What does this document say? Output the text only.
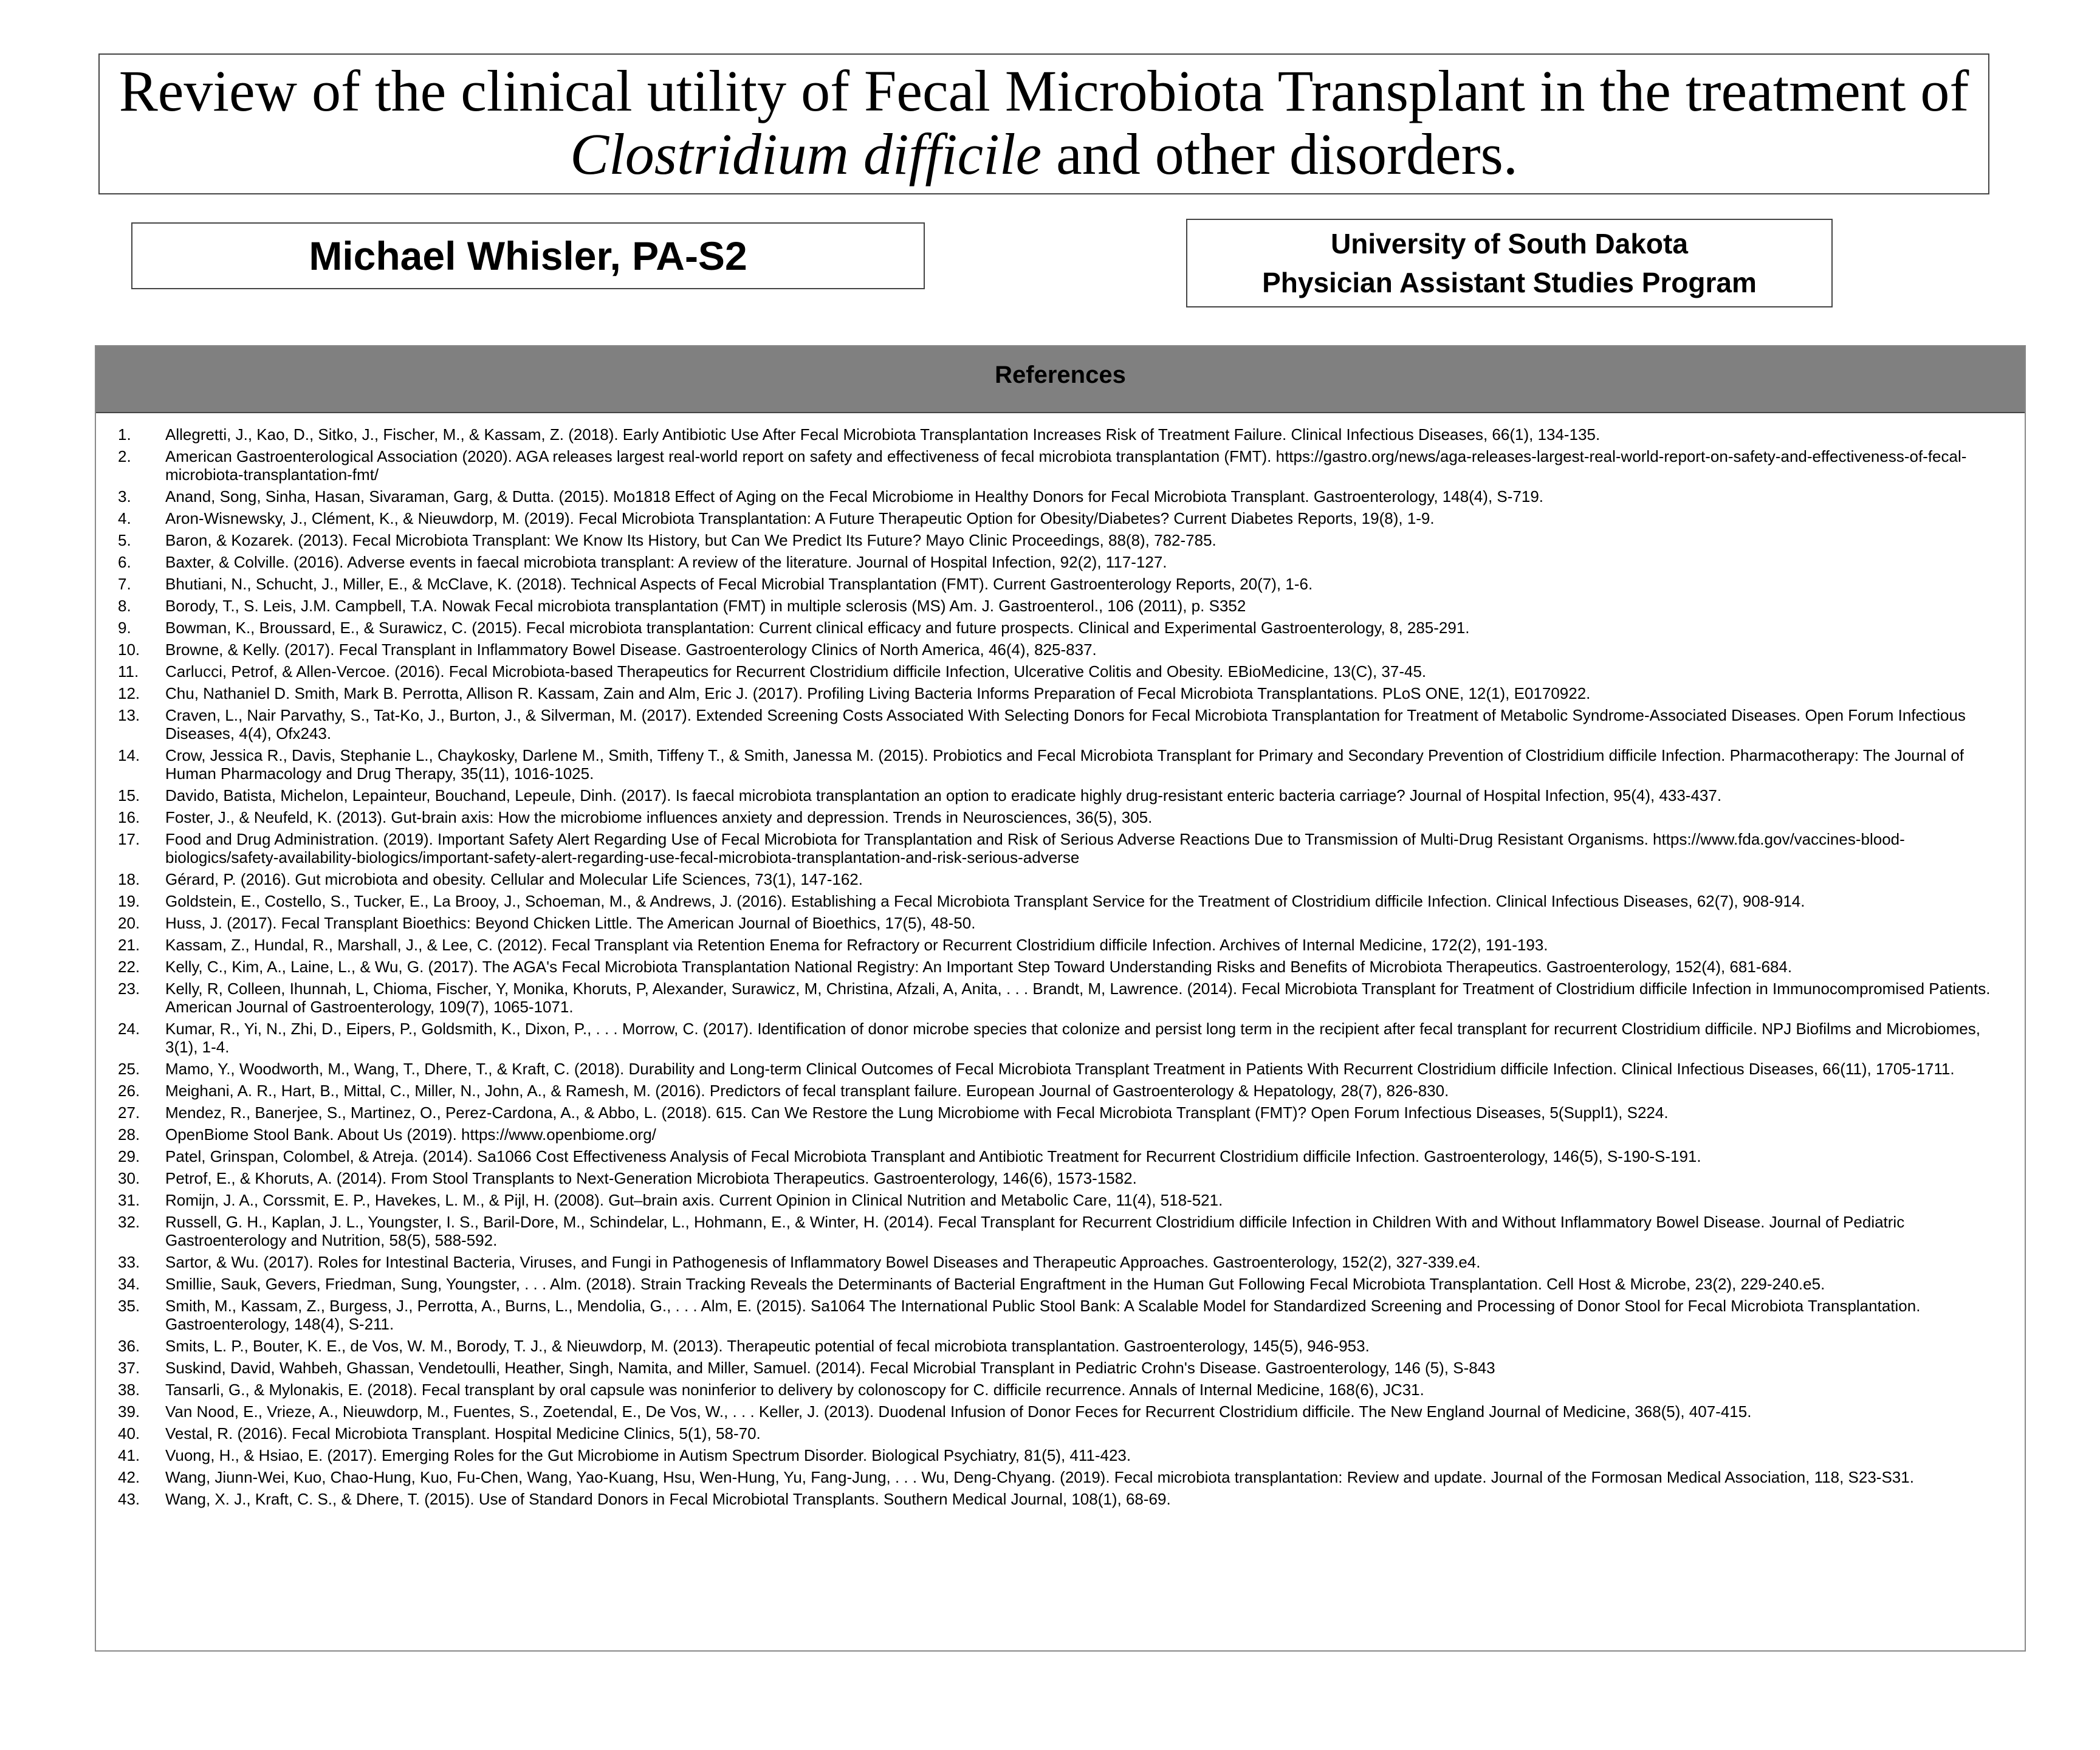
Review of the clinical utility of Fecal Microbiota Transplant in the treatment of
Clostridium difficile and other disorders.
Michael Whisler, PA-S2	University of South Dakota
Physician Assistant Studies Program
References
1.	Allegretti, J., Kao, D., Sitko, J., Fischer, M., & Kassam, Z. (2018). Early Antibiotic Use After Fecal Microbiota Transplantation Increases Risk of Treatment Failure. Clinical Infectious Diseases, 66(1), 134-135.
2.	American Gastroenterological Association (2020). AGA releases largest real-world report on safety and effectiveness of fecal microbiota transplantation (FMT). https://gastro.org/news/aga-releases-largest-real-world-report-on-safety-and-effectiveness-of-fecal-microbiota-transplantation-fmt/
3.	Anand, Song, Sinha, Hasan, Sivaraman, Garg, & Dutta. (2015). Mo1818 Effect of Aging on the Fecal Microbiome in Healthy Donors for Fecal Microbiota Transplant. Gastroenterology, 148(4), S-719.
4.	Aron-Wisnewsky, J., Clément, K., & Nieuwdorp, M. (2019). Fecal Microbiota Transplantation: A Future Therapeutic Option for Obesity/Diabetes? Current Diabetes Reports, 19(8), 1-9.
5.	Baron, & Kozarek. (2013). Fecal Microbiota Transplant: We Know Its History, but Can We Predict Its Future? Mayo Clinic Proceedings, 88(8), 782-785.
6.	Baxter, & Colville. (2016). Adverse events in faecal microbiota transplant: A review of the literature. Journal of Hospital Infection, 92(2), 117-127.
7.	Bhutiani, N., Schucht, J., Miller, E., & McClave, K. (2018). Technical Aspects of Fecal Microbial Transplantation (FMT). Current Gastroenterology Reports, 20(7), 1-6.
8.	Borody, T., S. Leis, J.M. Campbell, T.A. Nowak Fecal microbiota transplantation (FMT) in multiple sclerosis (MS) Am. J. Gastroenterol., 106 (2011), p. S352
9.	Bowman, K., Broussard, E., & Surawicz, C. (2015). Fecal microbiota transplantation: Current clinical efficacy and future prospects. Clinical and Experimental Gastroenterology, 8, 285-291.
10.	Browne, & Kelly. (2017). Fecal Transplant in Inflammatory Bowel Disease. Gastroenterology Clinics of North America, 46(4), 825-837.
11.	Carlucci, Petrof, & Allen-Vercoe. (2016). Fecal Microbiota-based Therapeutics for Recurrent Clostridium difficile Infection, Ulcerative Colitis and Obesity. EBioMedicine, 13(C), 37-45.
12.	Chu, Nathaniel D. Smith, Mark B. Perrotta, Allison R. Kassam, Zain and Alm, Eric J. (2017). Profiling Living Bacteria Informs Preparation of Fecal Microbiota Transplantations. PLoS ONE, 12(1), E0170922.
13.	Craven, L., Nair Parvathy, S., Tat-Ko, J., Burton, J., & Silverman, M. (2017). Extended Screening Costs Associated With Selecting Donors for Fecal Microbiota Transplantation for Treatment of Metabolic Syndrome-Associated Diseases. Open Forum Infectious Diseases, 4(4), Ofx243.
14.	Crow, Jessica R., Davis, Stephanie L., Chaykosky, Darlene M., Smith, Tiffeny T., & Smith, Janessa M. (2015). Probiotics and Fecal Microbiota Transplant for Primary and Secondary Prevention of Clostridium difficile Infection. Pharmacotherapy: The Journal of Human Pharmacology and Drug Therapy, 35(11), 1016-1025.
15.	Davido, Batista, Michelon, Lepainteur, Bouchand, Lepeule, Dinh. (2017). Is faecal microbiota transplantation an option to eradicate highly drug-resistant enteric bacteria carriage? Journal of Hospital Infection, 95(4), 433-437.
16.	Foster, J., & Neufeld, K. (2013). Gut-brain axis: How the microbiome influences anxiety and depression. Trends in Neurosciences, 36(5), 305.
17.	Food and Drug Administration. (2019). Important Safety Alert Regarding Use of Fecal Microbiota for Transplantation and Risk of Serious Adverse Reactions Due to Transmission of Multi-Drug Resistant Organisms. https://www.fda.gov/vaccines-blood-biologics/safety-availability-biologics/important-safety-alert-regarding-use-fecal-microbiota-transplantation-and-risk-serious-adverse
18.	Gérard, P. (2016). Gut microbiota and obesity. Cellular and Molecular Life Sciences, 73(1), 147-162.
19.	Goldstein, E., Costello, S., Tucker, E., La Brooy, J., Schoeman, M., & Andrews, J. (2016). Establishing a Fecal Microbiota Transplant Service for the Treatment of Clostridium difficile Infection. Clinical Infectious Diseases, 62(7), 908-914.
20.	Huss, J. (2017). Fecal Transplant Bioethics: Beyond Chicken Little. The American Journal of Bioethics, 17(5), 48-50.
21.	Kassam, Z., Hundal, R., Marshall, J., & Lee, C. (2012). Fecal Transplant via Retention Enema for Refractory or Recurrent Clostridium difficile Infection. Archives of Internal Medicine, 172(2), 191-193.
22.	Kelly, C., Kim, A., Laine, L., & Wu, G. (2017). The AGA's Fecal Microbiota Transplantation National Registry: An Important Step Toward Understanding Risks and Benefits of Microbiota Therapeutics. Gastroenterology, 152(4), 681-684.
23.	Kelly, R, Colleen, Ihunnah, L, Chioma, Fischer, Y, Monika, Khoruts, P, Alexander, Surawicz, M, Christina, Afzali, A, Anita, . . . Brandt, M, Lawrence. (2014). Fecal Microbiota Transplant for Treatment of Clostridium difficile Infection in Immunocompromised Patients. American Journal of Gastroenterology, 109(7), 1065-1071.
24.	Kumar, R., Yi, N., Zhi, D., Eipers, P., Goldsmith, K., Dixon, P., . . . Morrow, C. (2017). Identification of donor microbe species that colonize and persist long term in the recipient after fecal transplant for recurrent Clostridium difficile. NPJ Biofilms and Microbiomes, 3(1), 1-4.
25.	Mamo, Y., Woodworth, M., Wang, T., Dhere, T., & Kraft, C. (2018). Durability and Long-term Clinical Outcomes of Fecal Microbiota Transplant Treatment in Patients With Recurrent Clostridium difficile Infection. Clinical Infectious Diseases, 66(11), 1705-1711.
26.	Meighani, A. R., Hart, B., Mittal, C., Miller, N., John, A., & Ramesh, M. (2016). Predictors of fecal transplant failure. European Journal of Gastroenterology & Hepatology, 28(7), 826-830.
27.	Mendez, R., Banerjee, S., Martinez, O., Perez-Cardona, A., & Abbo, L. (2018). 615. Can We Restore the Lung Microbiome with Fecal Microbiota Transplant (FMT)? Open Forum Infectious Diseases, 5(Suppl1), S224.
28.	OpenBiome Stool Bank. About Us (2019). https://www.openbiome.org/
29.	Patel, Grinspan, Colombel, & Atreja. (2014). Sa1066 Cost Effectiveness Analysis of Fecal Microbiota Transplant and Antibiotic Treatment for Recurrent Clostridium difficile Infection. Gastroenterology, 146(5), S-190-S-191.
30.	Petrof, E., & Khoruts, A. (2014). From Stool Transplants to Next-Generation Microbiota Therapeutics. Gastroenterology, 146(6), 1573-1582.
31.	Romijn, J. A., Corssmit, E. P., Havekes, L. M., & Pijl, H. (2008). Gut–brain axis. Current Opinion in Clinical Nutrition and Metabolic Care, 11(4), 518-521.
32.	Russell, G. H., Kaplan, J. L., Youngster, I. S., Baril-Dore, M., Schindelar, L., Hohmann, E., & Winter, H. (2014). Fecal Transplant for Recurrent Clostridium difficile Infection in Children With and Without Inflammatory Bowel Disease. Journal of Pediatric Gastroenterology and Nutrition, 58(5), 588-592.
33.	Sartor, & Wu. (2017). Roles for Intestinal Bacteria, Viruses, and Fungi in Pathogenesis of Inflammatory Bowel Diseases and Therapeutic Approaches. Gastroenterology, 152(2), 327-339.e4.
34.	Smillie, Sauk, Gevers, Friedman, Sung, Youngster, . . . Alm. (2018). Strain Tracking Reveals the Determinants of Bacterial Engraftment in the Human Gut Following Fecal Microbiota Transplantation. Cell Host & Microbe, 23(2), 229-240.e5.
35.	Smith, M., Kassam, Z., Burgess, J., Perrotta, A., Burns, L., Mendolia, G., . . . Alm, E. (2015). Sa1064 The International Public Stool Bank: A Scalable Model for Standardized Screening and Processing of Donor Stool for Fecal Microbiota Transplantation. Gastroenterology, 148(4), S-211.
36.	Smits, L. P., Bouter, K. E., de Vos, W. M., Borody, T. J., & Nieuwdorp, M. (2013). Therapeutic potential of fecal microbiota transplantation. Gastroenterology, 145(5), 946-953.
37.	Suskind, David, Wahbeh, Ghassan, Vendetoulli, Heather, Singh, Namita, and Miller, Samuel. (2014). Fecal Microbial Transplant in Pediatric Crohn's Disease. Gastroenterology, 146 (5), S-843
38.	Tansarli, G., & Mylonakis, E. (2018). Fecal transplant by oral capsule was noninferior to delivery by colonoscopy for C. difficile recurrence. Annals of Internal Medicine, 168(6), JC31.
39.	Van Nood, E., Vrieze, A., Nieuwdorp, M., Fuentes, S., Zoetendal, E., De Vos, W., . . . Keller, J. (2013). Duodenal Infusion of Donor Feces for Recurrent Clostridium difficile. The New England Journal of Medicine, 368(5), 407-415.
40.	Vestal, R. (2016). Fecal Microbiota Transplant. Hospital Medicine Clinics, 5(1), 58-70.
41.	Vuong, H., & Hsiao, E. (2017). Emerging Roles for the Gut Microbiome in Autism Spectrum Disorder. Biological Psychiatry, 81(5), 411-423.
42.	Wang, Jiunn-Wei, Kuo, Chao-Hung, Kuo, Fu-Chen, Wang, Yao-Kuang, Hsu, Wen-Hung, Yu, Fang-Jung, . . . Wu, Deng-Chyang. (2019). Fecal microbiota transplantation: Review and update. Journal of the Formosan Medical Association, 118, S23-S31.
43.	Wang, X. J., Kraft, C. S., & Dhere, T. (2015). Use of Standard Donors in Fecal Microbiotal Transplants. Southern Medical Journal, 108(1), 68-69.
